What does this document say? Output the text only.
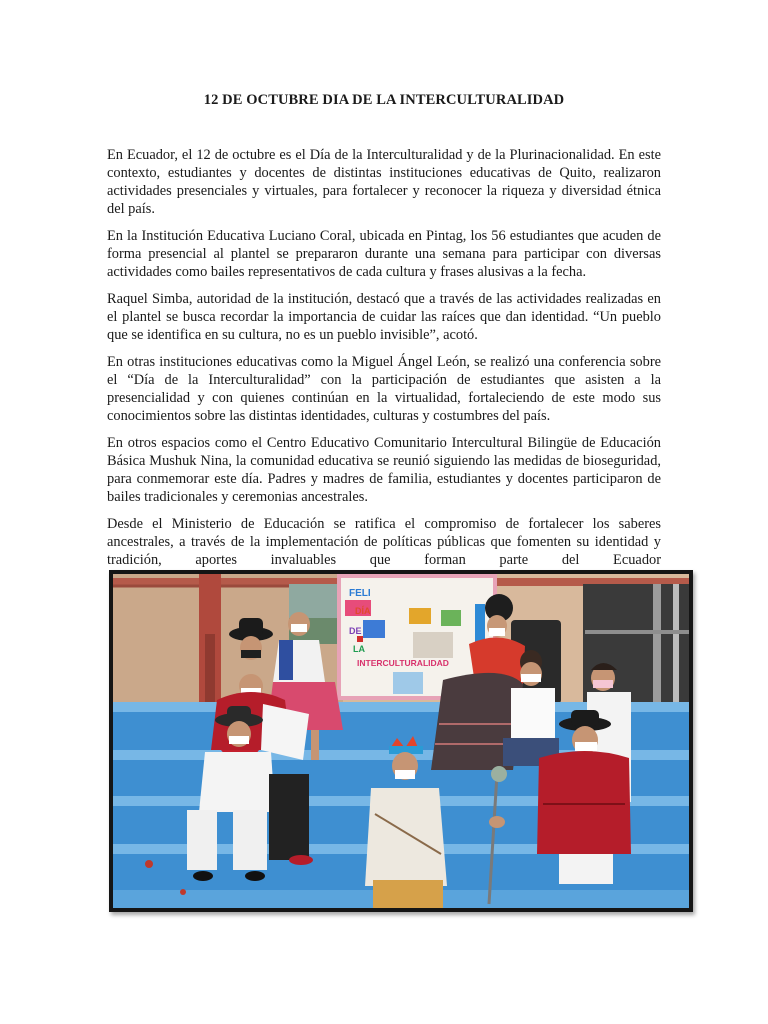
12 DE OCTUBRE DIA DE LA INTERCULTURALIDAD

En Ecuador, el 12 de octubre es el Día de la Interculturalidad y de la Plurinacionalidad. En este contexto, estudiantes y docentes de distintas instituciones educativas de Quito, realizaron actividades presenciales y virtuales, para fortalecer y reconocer la riqueza y diversidad étnica del país.

En la Institución Educativa Luciano Coral, ubicada en Pintag, los 56 estudiantes que acuden de forma presencial al plantel se prepararon durante una semana para participar con diversas actividades como bailes representativos de cada cultura y frases alusivas a la fecha.

Raquel Simba, autoridad de la institución, destacó que a través de las actividades realizadas en el plantel se busca recordar la importancia de cuidar las raíces que dan identidad. “Un pueblo que se identifica en su cultura, no es un pueblo invisible”, acotó.

En otras instituciones educativas como la Miguel Ángel León, se realizó una conferencia sobre el “Día de la Interculturalidad” con la participación de estudiantes que asisten a la presencialidad y con quienes continúan en la virtualidad, fortaleciendo de este modo sus conocimientos sobre las distintas identidades, culturas y costumbres del país.

En otros espacios como el Centro Educativo Comunitario Intercultural Bilingüe de Educación Básica Mushuk Nina, la comunidad educativa se reunió siguiendo las medidas de bioseguridad, para conmemorar este día. Padres y madres de familia, estudiantes y docentes participaron de bailes tradicionales y ceremonias ancestrales.

Desde el Ministerio de Educación se ratifica el compromiso de fortalecer los saberes ancestrales, a través de la implementación de políticas públicas que fomenten su identidad y tradición, aportes invaluables que forman parte del Ecuador

FELI
DÍA
DE
LA
INTERCULTURALIDAD
